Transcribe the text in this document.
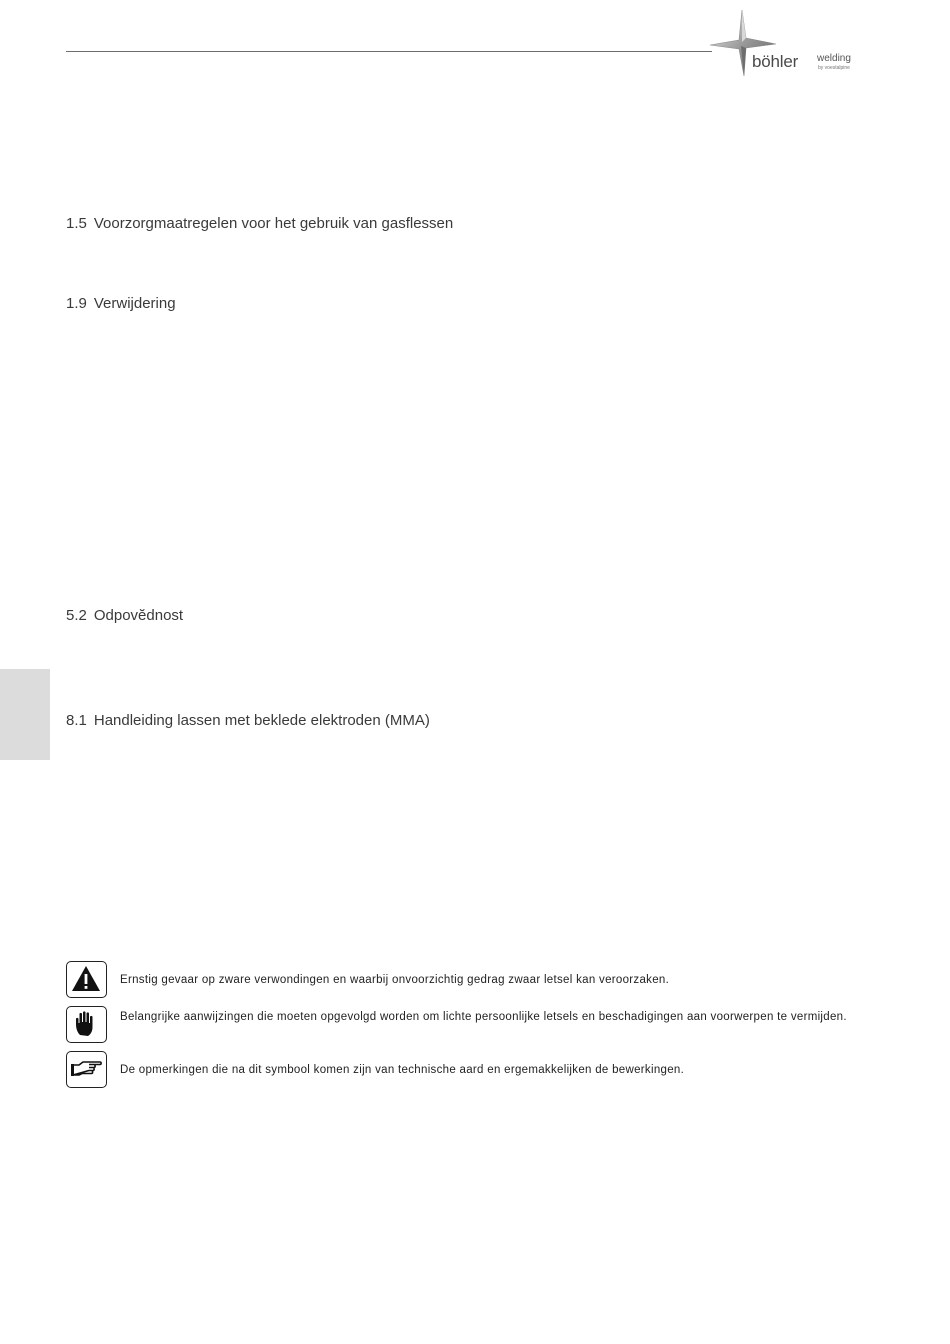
böhler welding
by voestalpine
1.5 Voorzorgmaatregelen voor het gebruik van gasflessen
1.9 Verwijdering
5.2 Odpovĕdnost
8.1 Handleiding lassen met beklede elektroden (MMA)
Ernstig gevaar op zware verwondingen en waarbij onvoorzichtig gedrag zwaar letsel kan veroorzaken.
Belangrijke aanwijzingen die moeten opgevolgd worden om lichte persoonlijke letsels en beschadigingen aan voorwerpen te vermijden.
De opmerkingen die na dit symbool komen zijn van technische aard en ergemakkelijken de bewerkingen.
